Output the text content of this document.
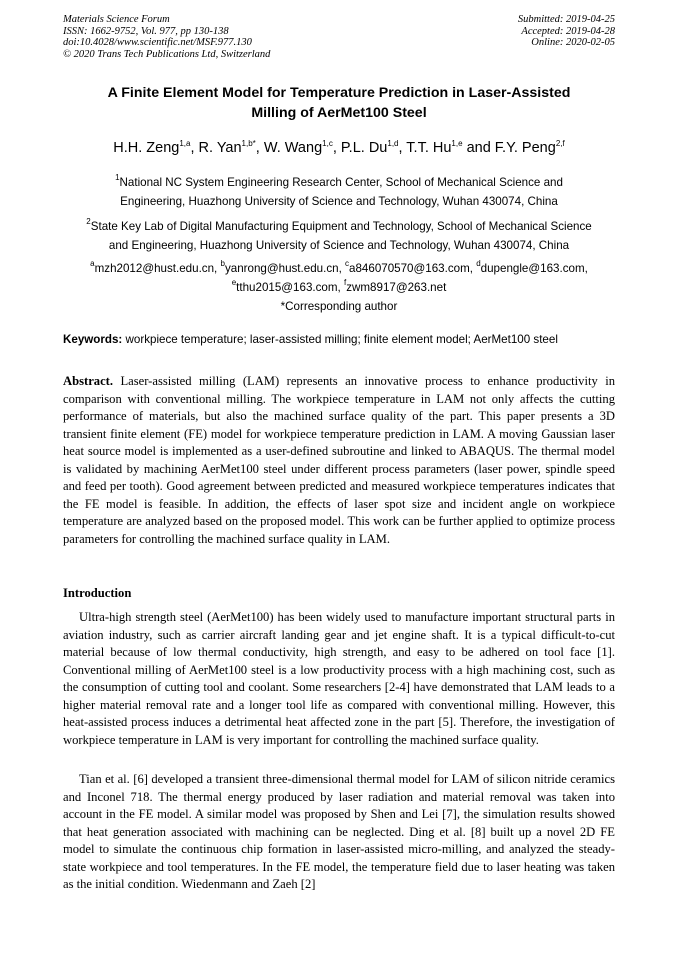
Materials Science Forum
ISSN: 1662-9752, Vol. 977, pp 130-138
doi:10.4028/www.scientific.net/MSF.977.130
© 2020 Trans Tech Publications Ltd, Switzerland
Submitted: 2019-04-25
Accepted: 2019-04-28
Online: 2020-02-05
A Finite Element Model for Temperature Prediction in Laser-Assisted
Milling of AerMet100 Steel
H.H. Zeng$^{1,a}$, R. Yan$^{1,b*}$, W. Wang$^{1,c}$, P.L. Du$^{1,d}$, T.T. Hu$^{1,e}$ and F.Y. Peng$^{2,f}$
$^1$National NC System Engineering Research Center, School of Mechanical Science and
Engineering, Huazhong University of Science and Technology, Wuhan 430074, China
$^2$State Key Lab of Digital Manufacturing Equipment and Technology, School of Mechanical Science
and Engineering, Huazhong University of Science and Technology, Wuhan 430074, China
$^a$mzh2012@hust.edu.cn, $^b$yanrong@hust.edu.cn, $^c$a846070570@163.com, $^d$dupengle@163.com,
$^e$tthu2015@163.com, $^f$zwm8917@263.net
*Corresponding author
Keywords: workpiece temperature; laser-assisted milling; finite element model; AerMet100 steel
Abstract. Laser-assisted milling (LAM) represents an innovative process to enhance productivity in comparison with conventional milling. The workpiece temperature in LAM not only affects the cutting performance of materials, but also the machined surface quality of the part. This paper presents a 3D transient finite element (FE) model for workpiece temperature prediction in LAM. A moving Gaussian laser heat source model is implemented as a user-defined subroutine and linked to ABAQUS. The thermal model is validated by machining AerMet100 steel under different process parameters (laser power, spindle speed and feed per tooth). Good agreement between predicted and measured workpiece temperatures indicates that the FE model is feasible. In addition, the effects of laser spot size and incident angle on workpiece temperature are analyzed based on the proposed model. This work can be further applied to optimize process parameters for controlling the machined surface quality in LAM.
Introduction
Ultra-high strength steel (AerMet100) has been widely used to manufacture important structural parts in aviation industry, such as carrier aircraft landing gear and jet engine shaft. It is a typical difficult-to-cut material because of low thermal conductivity, high strength, and easy to be adhered on tool face [1]. Conventional milling of AerMet100 steel is a low productivity process with a high machining cost, such as the consumption of cutting tool and coolant. Some researchers [2-4] have demonstrated that LAM leads to a higher material removal rate and a longer tool life as compared with conventional milling. However, this heat-assisted process induces a detrimental heat affected zone in the part [5]. Therefore, the investigation of workpiece temperature in LAM is very important for controlling the machined surface quality.
Tian et al. [6] developed a transient three-dimensional thermal model for LAM of silicon nitride ceramics and Inconel 718. The thermal energy produced by laser radiation and material removal was taken into account in the FE model. A similar model was proposed by Shen and Lei [7], the simulation results showed that heat generation associated with machining can be neglected. Ding et al. [8] built up a novel 2D FE model to simulate the continuous chip formation in laser-assisted micro-milling, and analyzed the steady-state workpiece and tool temperatures. In the FE model, the temperature field due to laser heating was taken as the initial condition. Wiedenmann and Zaeh [2]
